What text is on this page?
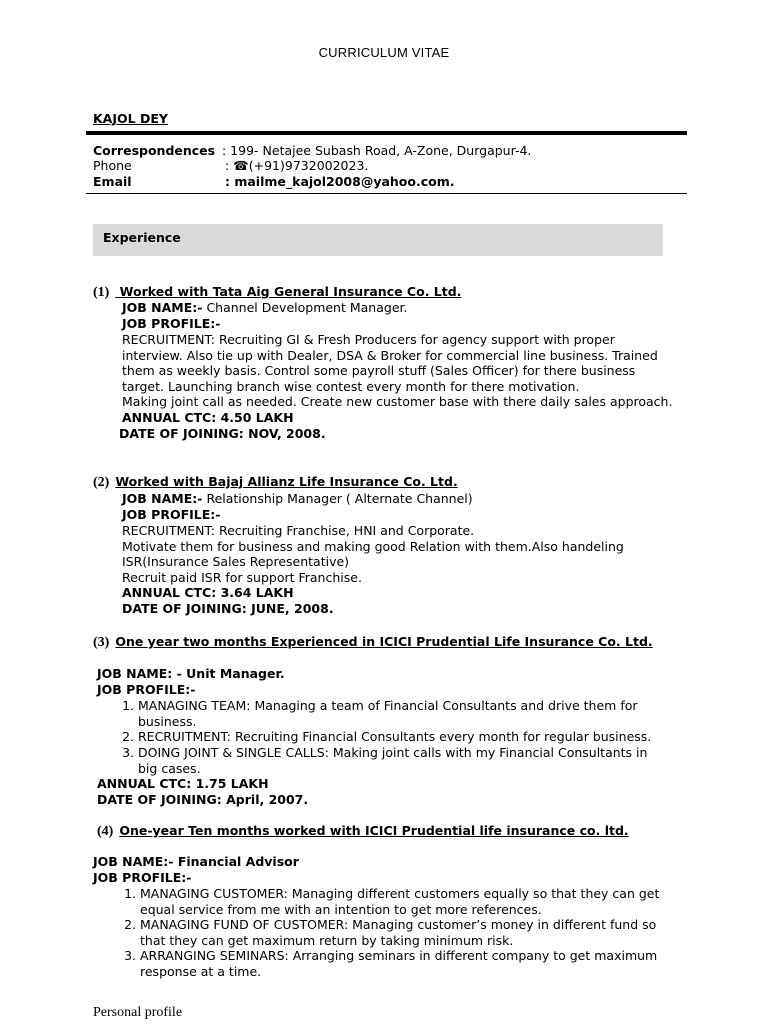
CURRICULUM VITAE
KAJOL DEY
Correspondences : 199- Netajee Subash Road, A-Zone, Durgapur-4.
Phone	: ☎(+91)9732002023.
Email	: mailme_kajol2008@yahoo.com.
Experience
(1) Worked with Tata Aig General Insurance Co. Ltd.
JOB NAME:- Channel Development Manager.
JOB PROFILE:-
RECRUITMENT: Recruiting GI & Fresh Producers for agency support with proper
interview. Also tie up with Dealer, DSA & Broker for commercial line business. Trained
them as weekly basis. Control some payroll stuff (Sales Officer) for there business
target. Launching branch wise contest every month for there motivation.
Making joint call as needed. Create new customer base with there daily sales approach.
ANNUAL CTC: 4.50 LAKH
DATE OF JOINING: NOV, 2008.
(2) Worked with Bajaj Allianz Life Insurance Co. Ltd.
JOB NAME:- Relationship Manager ( Alternate Channel)
JOB PROFILE:-
RECRUITMENT: Recruiting Franchise, HNI and Corporate.
Motivate them for business and making good Relation with them.Also handeling
ISR(Insurance Sales Representative)
Recruit paid ISR for support Franchise.
ANNUAL CTC: 3.64 LAKH
DATE OF JOINING: JUNE, 2008.
(3) One year two months Experienced in ICICI Prudential Life Insurance Co. Ltd.
JOB NAME: - Unit Manager.
JOB PROFILE:-
1. MANAGING TEAM: Managing a team of Financial Consultants and drive them for
business.
2. RECRUITMENT: Recruiting Financial Consultants every month for regular business.
3. DOING JOINT & SINGLE CALLS: Making joint calls with my Financial Consultants in
big cases.
ANNUAL CTC: 1.75 LAKH
DATE OF JOINING: April, 2007.
(4) One-year Ten months worked with ICICI Prudential life insurance co. ltd.
JOB NAME:- Financial Advisor
JOB PROFILE:-
1. MANAGING CUSTOMER: Managing different customers equally so that they can get
equal service from me with an intention to get more references.
2. MANAGING FUND OF CUSTOMER: Managing customer’s money in different fund so
that they can get maximum return by taking minimum risk.
3. ARRANGING SEMINARS: Arranging seminars in different company to get maximum
response at a time.
Personal profile
